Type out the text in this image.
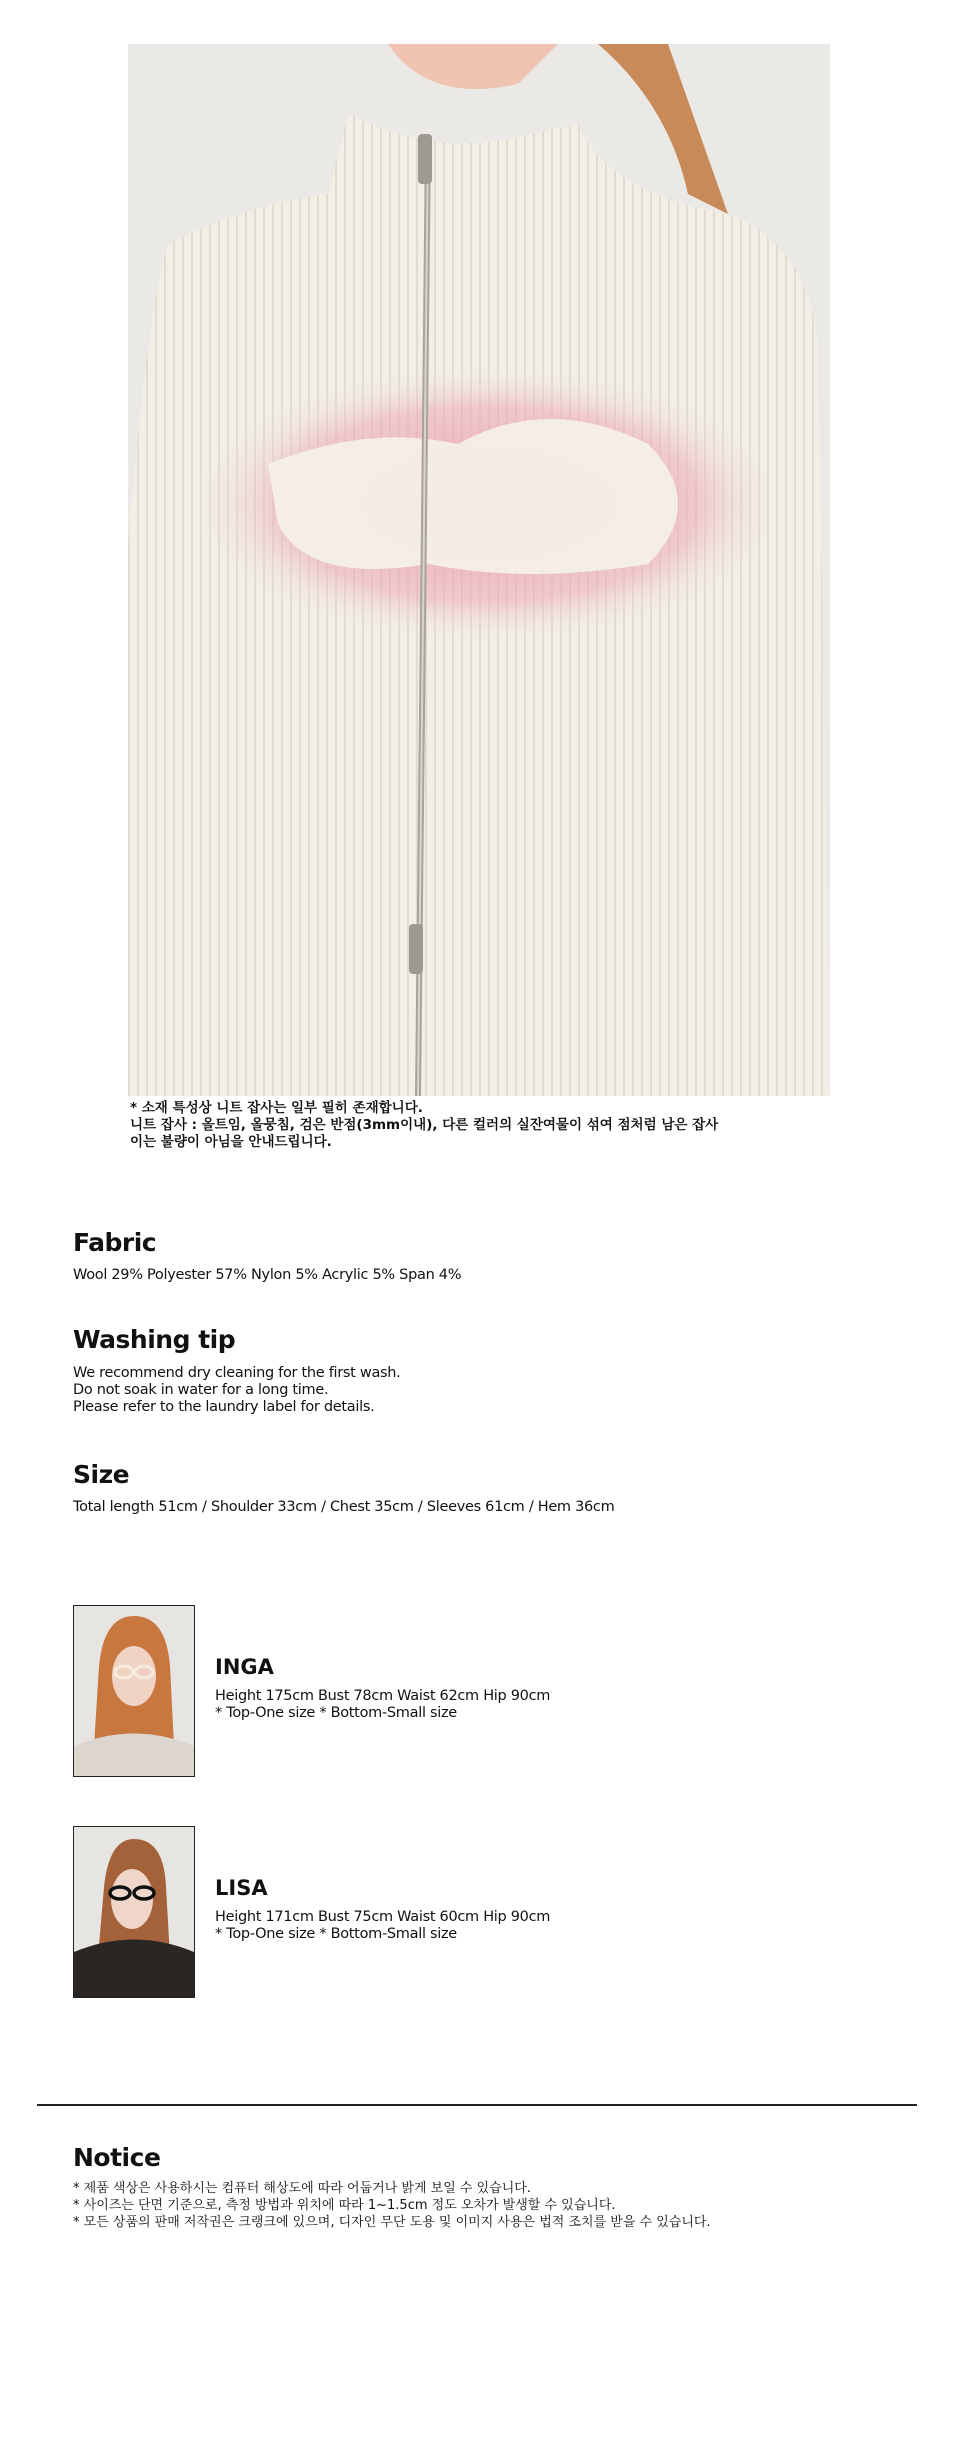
* 소재 특성상 니트 잡사는 일부 필히 존재합니다.
니트 잡사 : 올트임, 올뭉침, 검은 반점(3mm이내), 다른 컬러의 실잔여물이 섞여 점처럼 남은 잡사
이는 불량이 아님을 안내드립니다.
Fabric
Wool 29% Polyester 57% Nylon 5% Acrylic 5% Span 4%
Washing tip
We recommend dry cleaning for the first wash.
Do not soak in water for a long time.
Please refer to the laundry label for details.
Size
Total length 51cm / Shoulder 33cm / Chest 35cm / Sleeves 61cm / Hem 36cm
INGA
Height 175cm Bust 78cm Waist 62cm Hip 90cm
* Top-One size * Bottom-Small size
LISA
Height 171cm Bust 75cm Waist 60cm Hip 90cm
* Top-One size * Bottom-Small size
Notice
* 제품 색상은 사용하시는 컴퓨터 해상도에 따라 어둡거나 밝게 보일 수 있습니다.
* 사이즈는 단면 기준으로, 측정 방법과 위치에 따라 1~1.5cm 정도 오차가 발생할 수 있습니다.
* 모든 상품의 판매 저작권은 크랭크에 있으며, 디자인 무단 도용 및 이미지 사용은 법적 조치를 받을 수 있습니다.
